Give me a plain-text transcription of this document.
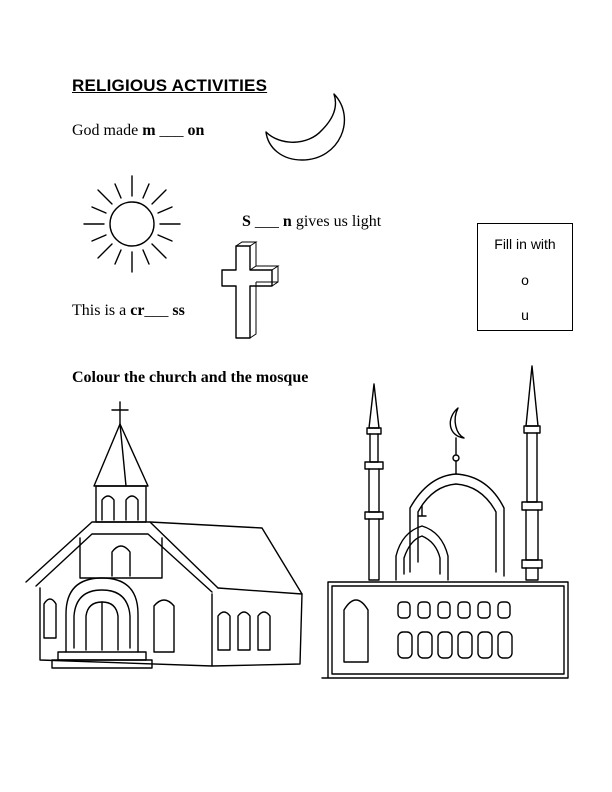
RELIGIOUS ACTIVITIES
God made m ___ on
S ___ n gives us light
This is a cr___ ss
Fill in with
o
u
Colour the church and the mosque
